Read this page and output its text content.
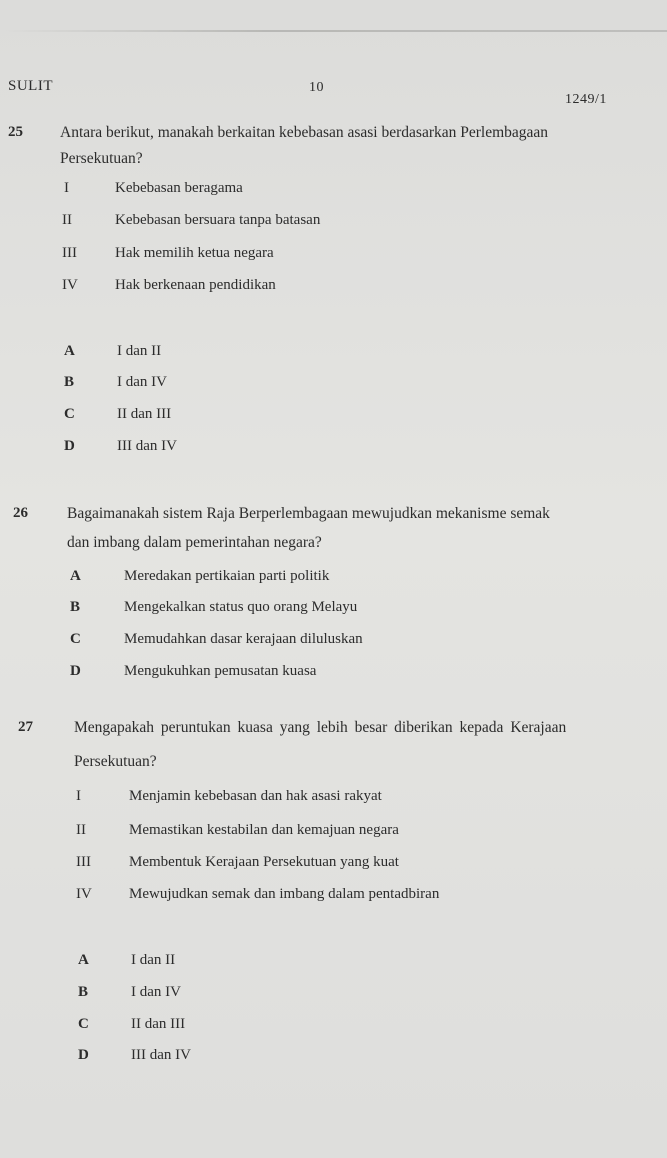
SULIT	10
1249/1
25 Antara berikut, manakah berkaitan kebebasan asasi berdasarkan Perlembagaan
Persekutuan?
I	Kebebasan beragama
II	Kebebasan bersuara tanpa batasan
III	Hak memilih ketua negara
IV Hak berkenaan pendidikan
A	I dan II
B	I dan IV
C	II dan III
D	III dan IV
26	Bagaimanakah sistem Raja Berperlembagaan mewujudkan mekanisme semak
dan imbang dalam pemerintahan negara?
A	Meredakan pertikaian parti politik
B	Mengekalkan status quo orang Melayu
C	Memudahkan dasar kerajaan diluluskan
D	Mengukuhkan pemusatan kuasa
27	Mengapakah peruntukan kuasa yang lebih besar diberikan kepada Kerajaan
Persekutuan?
I	Menjamin kebebasan dan hak asasi rakyat
II	Memastikan kestabilan dan kemajuan negara
III	Membentuk Kerajaan Persekutuan yang kuat
IV Mewujudkan semak dan imbang dalam pentadbiran
A	I dan II
B	I dan IV
C	II dan III
D	III dan IV
